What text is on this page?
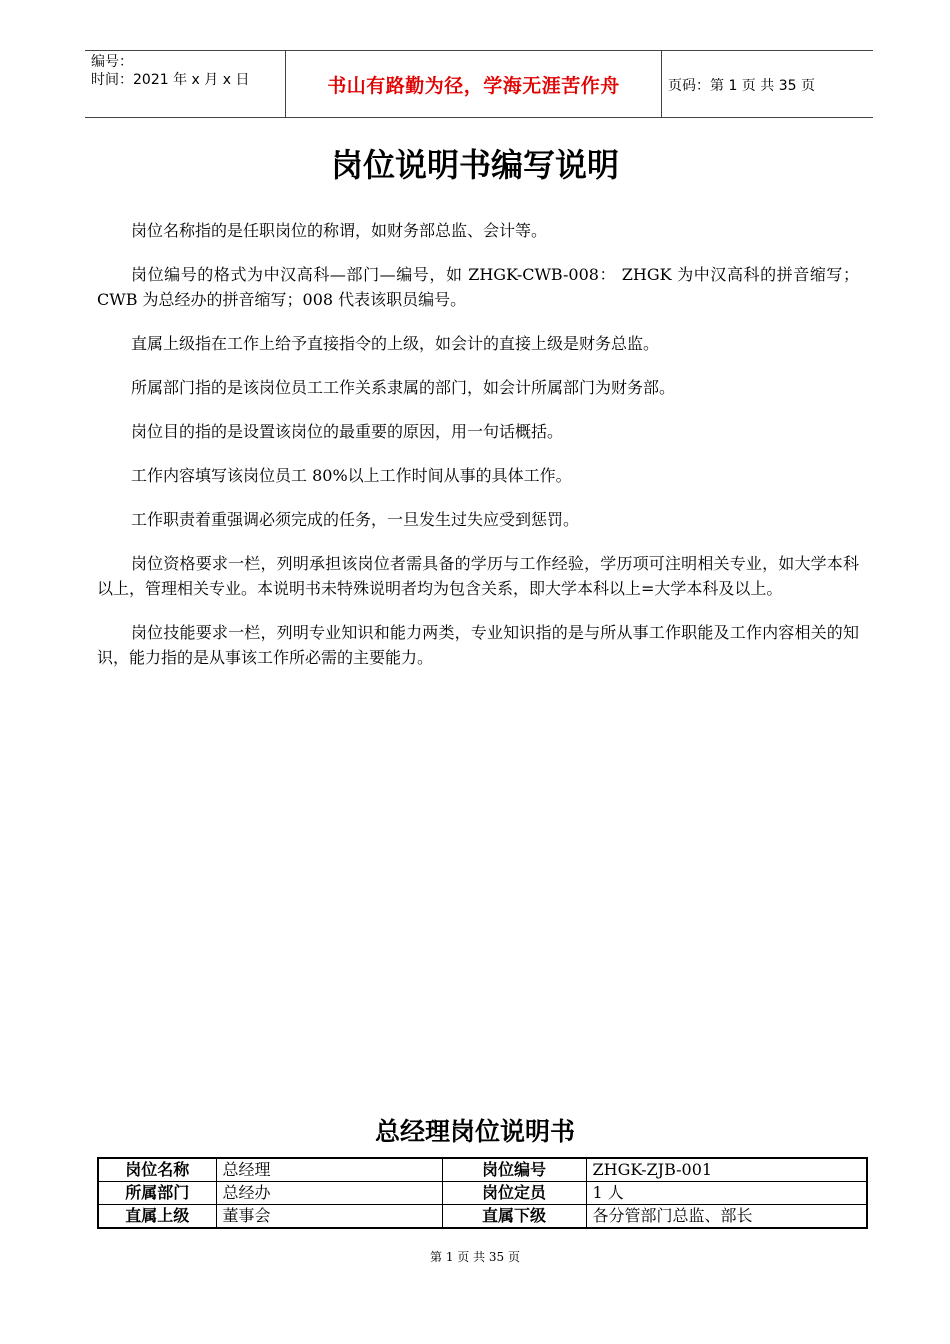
编号：
时间：2021 年 x 月 x 日	书山有路勤为径，学海无涯苦作舟	页码：第 1 页 共 35 页
岗位说明书编写说明

岗位名称指的是任职岗位的称谓，如财务部总监、会计等。

岗位编号的格式为中汉高科—部门—编号，如 ZHGK-CWB-008： ZHGK 为中汉高科的拼音缩写；CWB 为总经办的拼音缩写；008 代表该职员编号。

直属上级指在工作上给予直接指令的上级，如会计的直接上级是财务总监。

所属部门指的是该岗位员工工作关系隶属的部门，如会计所属部门为财务部。

岗位目的指的是设置该岗位的最重要的原因，用一句话概括。

工作内容填写该岗位员工 80%以上工作时间从事的具体工作。

工作职责着重强调必须完成的任务，一旦发生过失应受到惩罚。

岗位资格要求一栏，列明承担该岗位者需具备的学历与工作经验，学历项可注明相关专业，如大学本科以上，管理相关专业。本说明书未特殊说明者均为包含关系，即大学本科以上=大学本科及以上。

岗位技能要求一栏，列明专业知识和能力两类，专业知识指的是与所从事工作职能及工作内容相关的知识，能力指的是从事该工作所必需的主要能力。

总经理岗位说明书
岗位名称	总经理	岗位编号	ZHGK-ZJB-001
所属部门	总经办	岗位定员	1 人
直属上级	董事会	直属下级	各分管部门总监、部长
第 1 页 共 35 页
